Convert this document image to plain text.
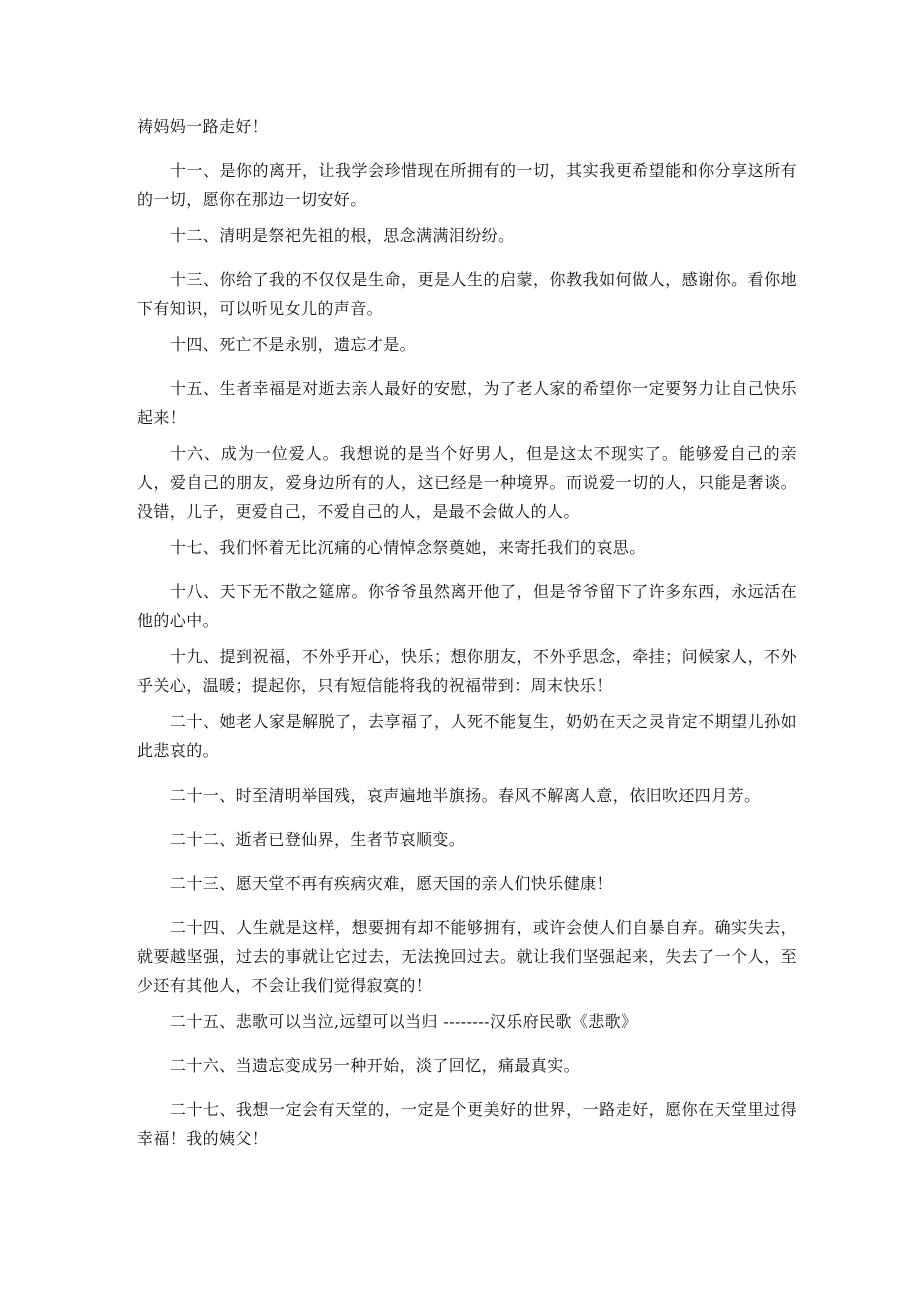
祷妈妈一路走好！

十一、是你的离开，让我学会珍惜现在所拥有的一切，其实我更希望能和你分享这所有的一切，愿你在那边一切安好。

十二、清明是祭祀先祖的根，思念满满泪纷纷。

十三、你给了我的不仅仅是生命，更是人生的启蒙，你教我如何做人，感谢你。看你地下有知识，可以听见女儿的声音。

十四、死亡不是永别，遗忘才是。

十五、生者幸福是对逝去亲人最好的安慰，为了老人家的希望你一定要努力让自己快乐起来！

十六、成为一位爱人。我想说的是当个好男人，但是这太不现实了。能够爱自己的亲人，爱自己的朋友，爱身边所有的人，这已经是一种境界。而说爱一切的人，只能是奢谈。没错，儿子，更爱自己，不爱自己的人，是最不会做人的人。

十七、我们怀着无比沉痛的心情悼念祭奠她，来寄托我们的哀思。

十八、天下无不散之筵席。你爷爷虽然离开他了，但是爷爷留下了许多东西，永远活在他的心中。

十九、提到祝福，不外乎开心，快乐；想你朋友，不外乎思念，牵挂；问候家人，不外乎关心，温暖；提起你，只有短信能将我的祝福带到：周末快乐！

二十、她老人家是解脱了，去享福了，人死不能复生，奶奶在天之灵肯定不期望儿孙如此悲哀的。

二十一、时至清明举国残，哀声遍地半旗扬。春风不解离人意，依旧吹还四月芳。

二十二、逝者已登仙界，生者节哀顺变。

二十三、愿天堂不再有疾病灾难，愿天国的亲人们快乐健康！

二十四、人生就是这样，想要拥有却不能够拥有，或许会使人们自暴自弃。确实失去，就要越坚强，过去的事就让它过去，无法挽回过去。就让我们坚强起来，失去了一个人，至少还有其他人，不会让我们觉得寂寞的！

二十五、悲歌可以当泣,远望可以当归 --------汉乐府民歌《悲歌》

二十六、当遗忘变成另一种开始，淡了回忆，痛最真实。

二十七、我想一定会有天堂的，一定是个更美好的世界，一路走好，愿你在天堂里过得幸福！我的姨父！
